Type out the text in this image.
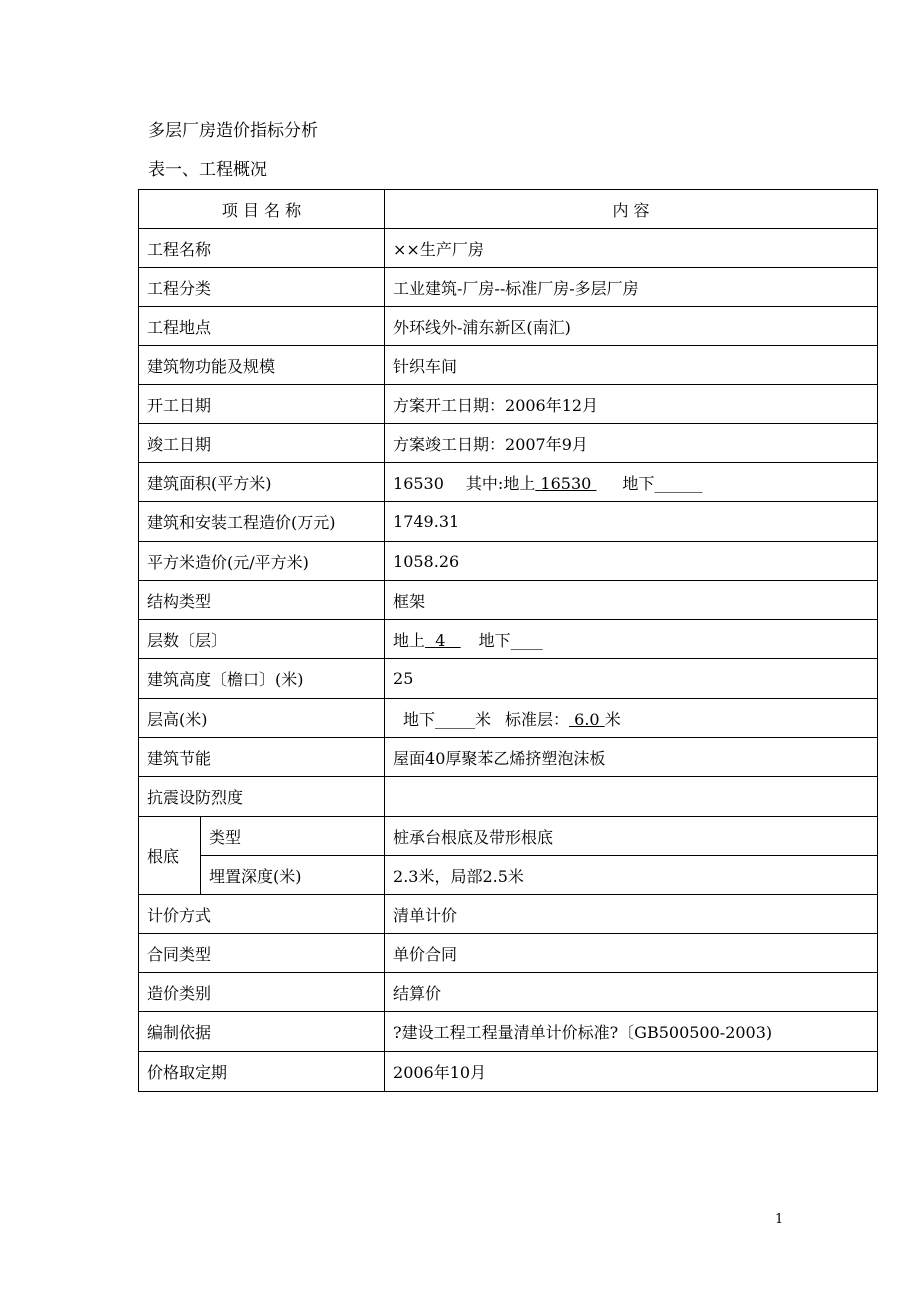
多层厂房造价指标分析
表一、工程概况
项 目 名 称		内 容
工程名称		××生产厂房
工程分类		工业建筑-厂房--标准厂房-多层厂房
工程地点		外环线外-浦东新区(南汇)
建筑物功能及规模		针织车间
开工日期		方案开工日期：2006年12月
竣工日期		方案竣工日期：2007年9月
建筑面积(平方米)		16530 其中:地上 16530 地下______
建筑和安装工程造价(万元)		1749.31
平方米造价(元/平方米)		1058.26
结构类型		框架
层数〔层〕		地上 4 地下____
建筑高度〔檐口〕(米)		25
层高(米)		地下_____米 标准层： 6.0 米
建筑节能		屋面40厚聚苯乙烯挤塑泡沫板
抗震设防烈度		
根底	类型	桩承台根底及带形根底
	埋置深度(米)	2.3米，局部2.5米
计价方式		清单计价
合同类型		单价合同
造价类别		结算价
编制依据		?建设工程工程量清单计价标准?〔GB500500-2003)
价格取定期		2006年10月
1
